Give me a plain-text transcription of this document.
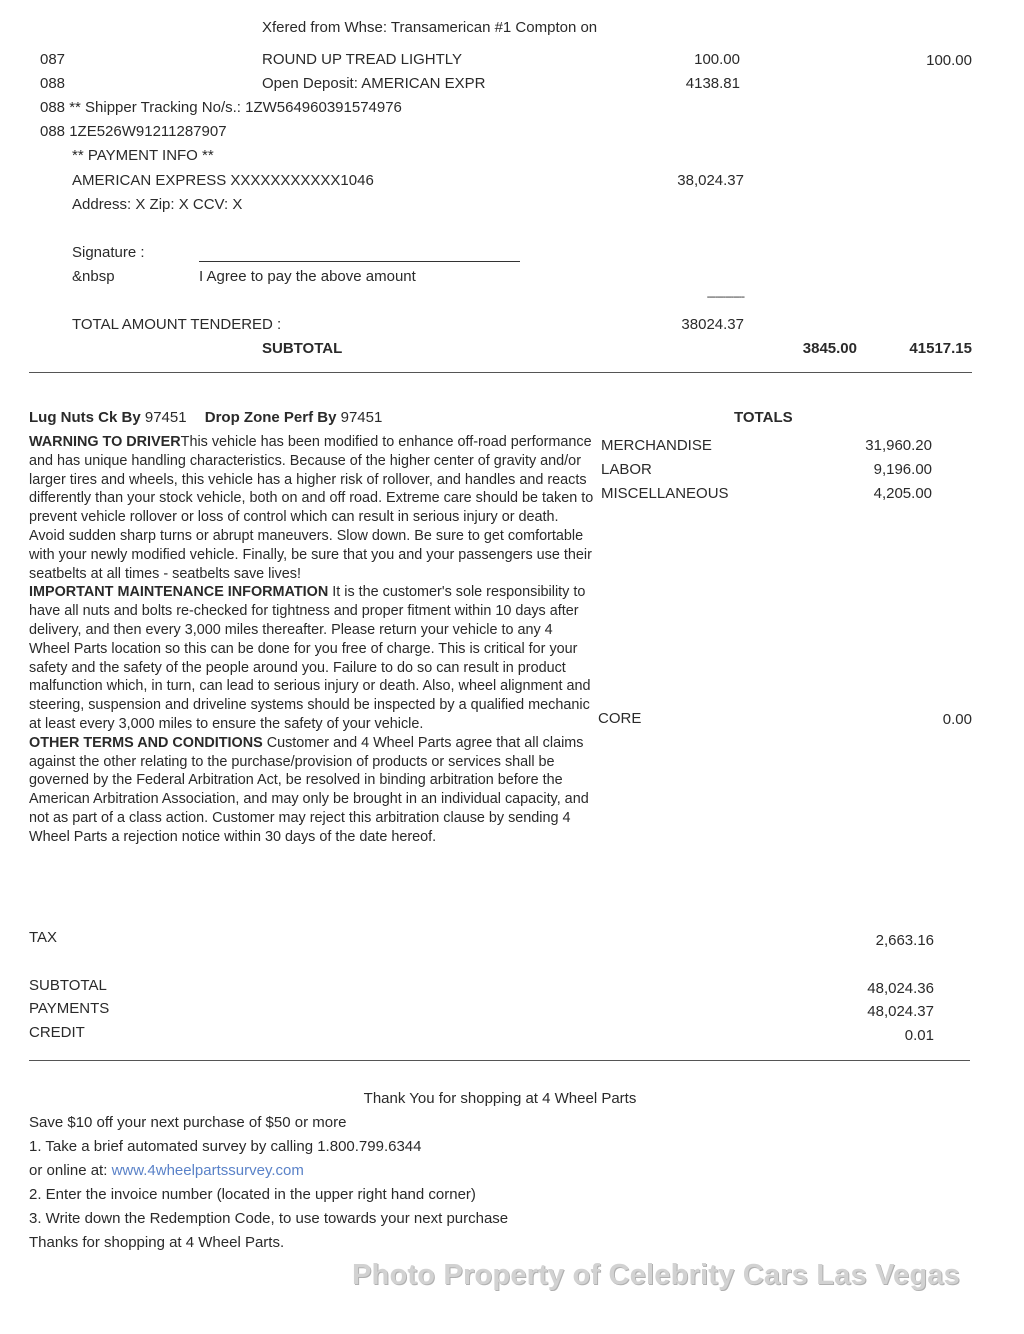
Xfered from Whse: Transamerican #1 Compton on
087	ROUND UP TREAD LIGHTLY	100.00	100.00
088	Open Deposit: AMERICAN EXPR	4138.81
088 ** Shipper Tracking No/s.: 1ZW564960391574976
088 1ZE526W91211287907
** PAYMENT INFO **
AMERICAN EXPRESS XXXXXXXXXXX1046	38,024.37
Address: X Zip: X CCV: X
Signature :
&nbsp	I Agree to pay the above amount
--------------
TOTAL AMOUNT TENDERED :	38024.37
SUBTOTAL	3845.00	41517.15
Lug Nuts Ck By 97451 Drop Zone Perf By 97451
WARNING TO DRIVERThis vehicle has been modified to enhance off-road performance and has unique handling characteristics. Because of the higher center of gravity and/or larger tires and wheels, this vehicle has a higher risk of rollover, and handles and reacts differently than your stock vehicle, both on and off road. Extreme care should be taken to prevent vehicle rollover or loss of control which can result in serious injury or death. Avoid sudden sharp turns or abrupt maneuvers. Slow down. Be sure to get comfortable with your newly modified vehicle. Finally, be sure that you and your passengers use their seatbelts at all times - seatbelts save lives!
IMPORTANT MAINTENANCE INFORMATION It is the customer's sole responsibility to have all nuts and bolts re-checked for tightness and proper fitment within 10 days after delivery, and then every 3,000 miles thereafter. Please return your vehicle to any 4 Wheel Parts location so this can be done for you free of charge. This is critical for your safety and the safety of the people around you. Failure to do so can result in product malfunction which, in turn, can lead to serious injury or death. Also, wheel alignment and steering, suspension and driveline systems should be inspected by a qualified mechanic at least every 3,000 miles to ensure the safety of your vehicle.
OTHER TERMS AND CONDITIONS Customer and 4 Wheel Parts agree that all claims against the other relating to the purchase/provision of products or services shall be governed by the Federal Arbitration Act, be resolved in binding arbitration before the American Arbitration Association, and may only be brought in an individual capacity, and not as part of a class action. Customer may reject this arbitration clause by sending 4 Wheel Parts a rejection notice within 30 days of the date hereof.
TOTALS
MERCHANDISE	31,960.20
LABOR	9,196.00
MISCELLANEOUS	4,205.00
CORE	0.00
TAX	2,663.16
SUBTOTAL	48,024.36
PAYMENTS	48,024.37
CREDIT	0.01
Thank You for shopping at 4 Wheel Parts
Save $10 off your next purchase of $50 or more
1. Take a brief automated survey by calling 1.800.799.6344
or online at: www.4wheelpartssurvey.com
2. Enter the invoice number (located in the upper right hand corner)
3. Write down the Redemption Code, to use towards your next purchase
Thanks for shopping at 4 Wheel Parts.
Photo Property of Celebrity Cars Las Vegas
